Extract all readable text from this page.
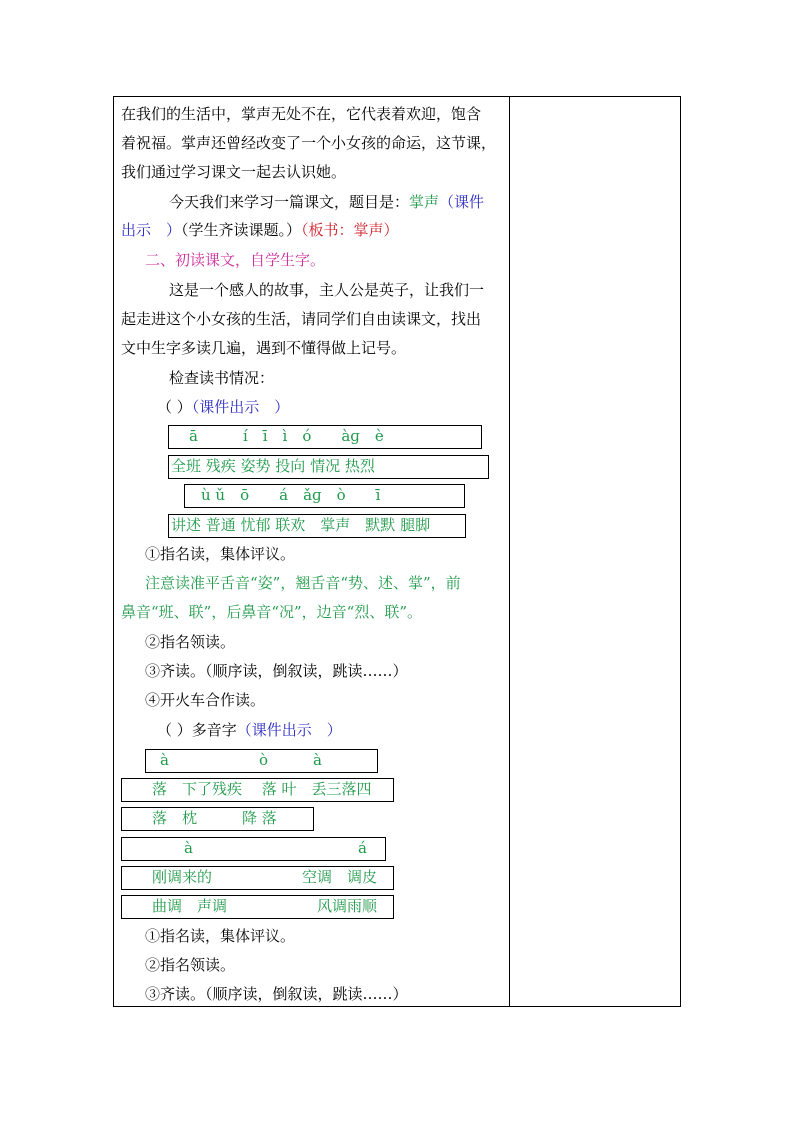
在我们的生活中，掌声无处不在，它代表着欢迎，饱含
着祝福。掌声还曾经改变了一个小女孩的命运，这节课，
我们通过学习课文一起去认识她。
今天我们来学习一篇课文，题目是：掌声（课件
出示　）（学生齐读课题。）（板书：掌声）
二、初读课文，自学生字。
这是一个感人的故事，主人公是英子，让我们一
起走进这个小女孩的生活，请同学们自由读课文，找出
文中生字多读几遍，遇到不懂得做上记号。
检查读书情况：
（ ）（课件出示　）
ā　　　í　ī　ì　ó　　àɡ　è
全班 残疾 姿势 投向 情况 热烈
ù ǔ　ō　　á　ǎɡ　ò　　ī
讲述 普通 忧郁 联欢　掌声　默默 腿脚
①指名读，集体评议。
注意读准平舌音“姿”，翘舌音“势、述、掌”，前
鼻音“班、联”，后鼻音“况”，边音“烈、联”。
②指名领读。
③齐读。（顺序读，倒叙读，跳读……）
④开火车合作读。
（ ）多音字（课件出示　）
à　　　　　　ò　　　à
落　下了残疾　 落 叶　丢三落四
落　枕　　　降 落
à　　　　　　　　　　　á
刚调来的　　　　　　空调　调皮
曲调　声调　　　　　　风调雨顺
①指名读，集体评议。
②指名领读。
③齐读。（顺序读，倒叙读，跳读……）
